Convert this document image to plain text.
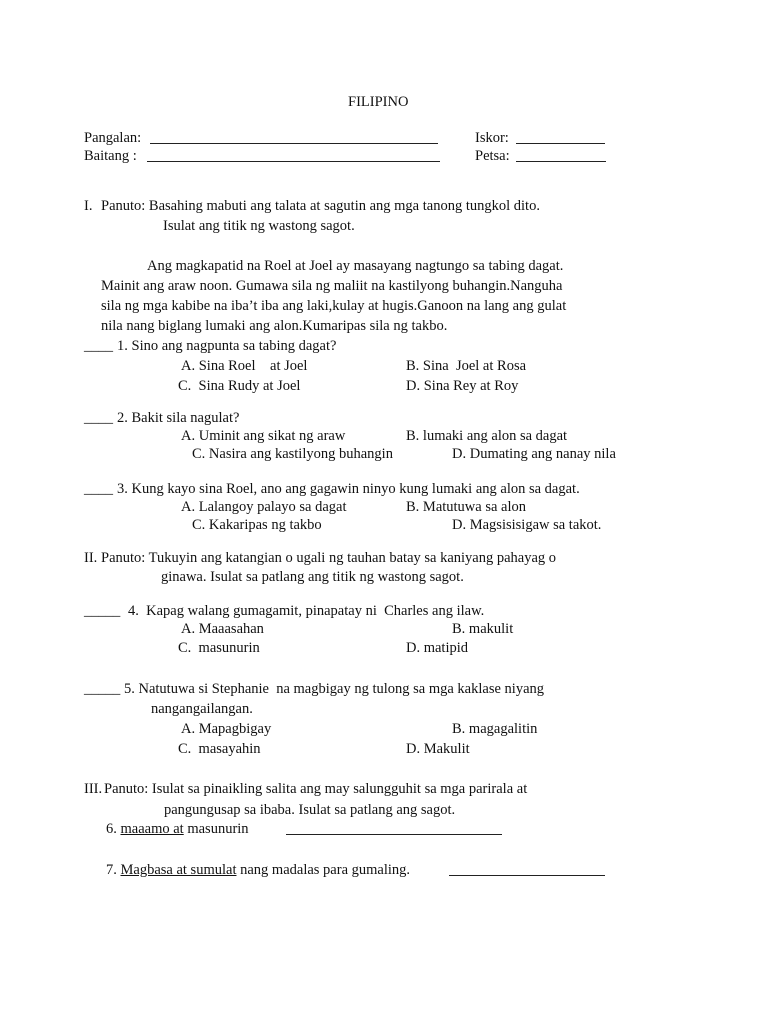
FILIPINO
Pangalan:	Iskor:
Baitang :	Petsa:
I. Panuto: Basahing mabuti ang talata at sagutin ang mga tanong tungkol dito.
Isulat ang titik ng wastong sagot.
Ang magkapatid na Roel at Joel ay masayang nagtungo sa tabing dagat.
Mainit ang araw noon. Gumawa sila ng maliit na kastilyong buhangin.Nanguha
sila ng mga kabibe na iba’t iba ang laki,kulay at hugis.Ganoon na lang ang gulat
nila nang biglang lumaki ang alon.Kumaripas sila ng takbo.
____ 1. Sino ang nagpunta sa tabing dagat?
A. Sina Roel    at Joel	B. Sina  Joel at Rosa
C.  Sina Rudy at Joel	D. Sina Rey at Roy
____ 2. Bakit sila nagulat?
A. Uminit ang sikat ng araw	B. lumaki ang alon sa dagat
C. Nasira ang kastilyong buhangin	D. Dumating ang nanay nila
____ 3. Kung kayo sina Roel, ano ang gagawin ninyo kung lumaki ang alon sa dagat.
A. Lalangoy palayo sa dagat	B. Matutuwa sa alon
C. Kakaripas ng takbo	D. Magsisisigaw sa takot.
II. Panuto: Tukuyin ang katangian o ugali ng tauhan batay sa kaniyang pahayag o
ginawa. Isulat sa patlang ang titik ng wastong sagot.
_____ 4.  Kapag walang gumagamit, pinapatay ni  Charles ang ilaw.
A. Maaasahan	B. makulit
C.  masunurin	D. matipid
_____ 5. Natutuwa si Stephanie  na magbigay ng tulong sa mga kaklase niyang
nangangailangan.
A. Mapagbigay	B. magagalitin
C.  masayahin	D. Makulit
III. Panuto: Isulat sa pinaikling salita ang may salungguhit sa mga parirala at
pangungusap sa ibaba. Isulat sa patlang ang sagot.
6. maaamo at masunurin
7. Magbasa at sumulat nang madalas para gumaling.
